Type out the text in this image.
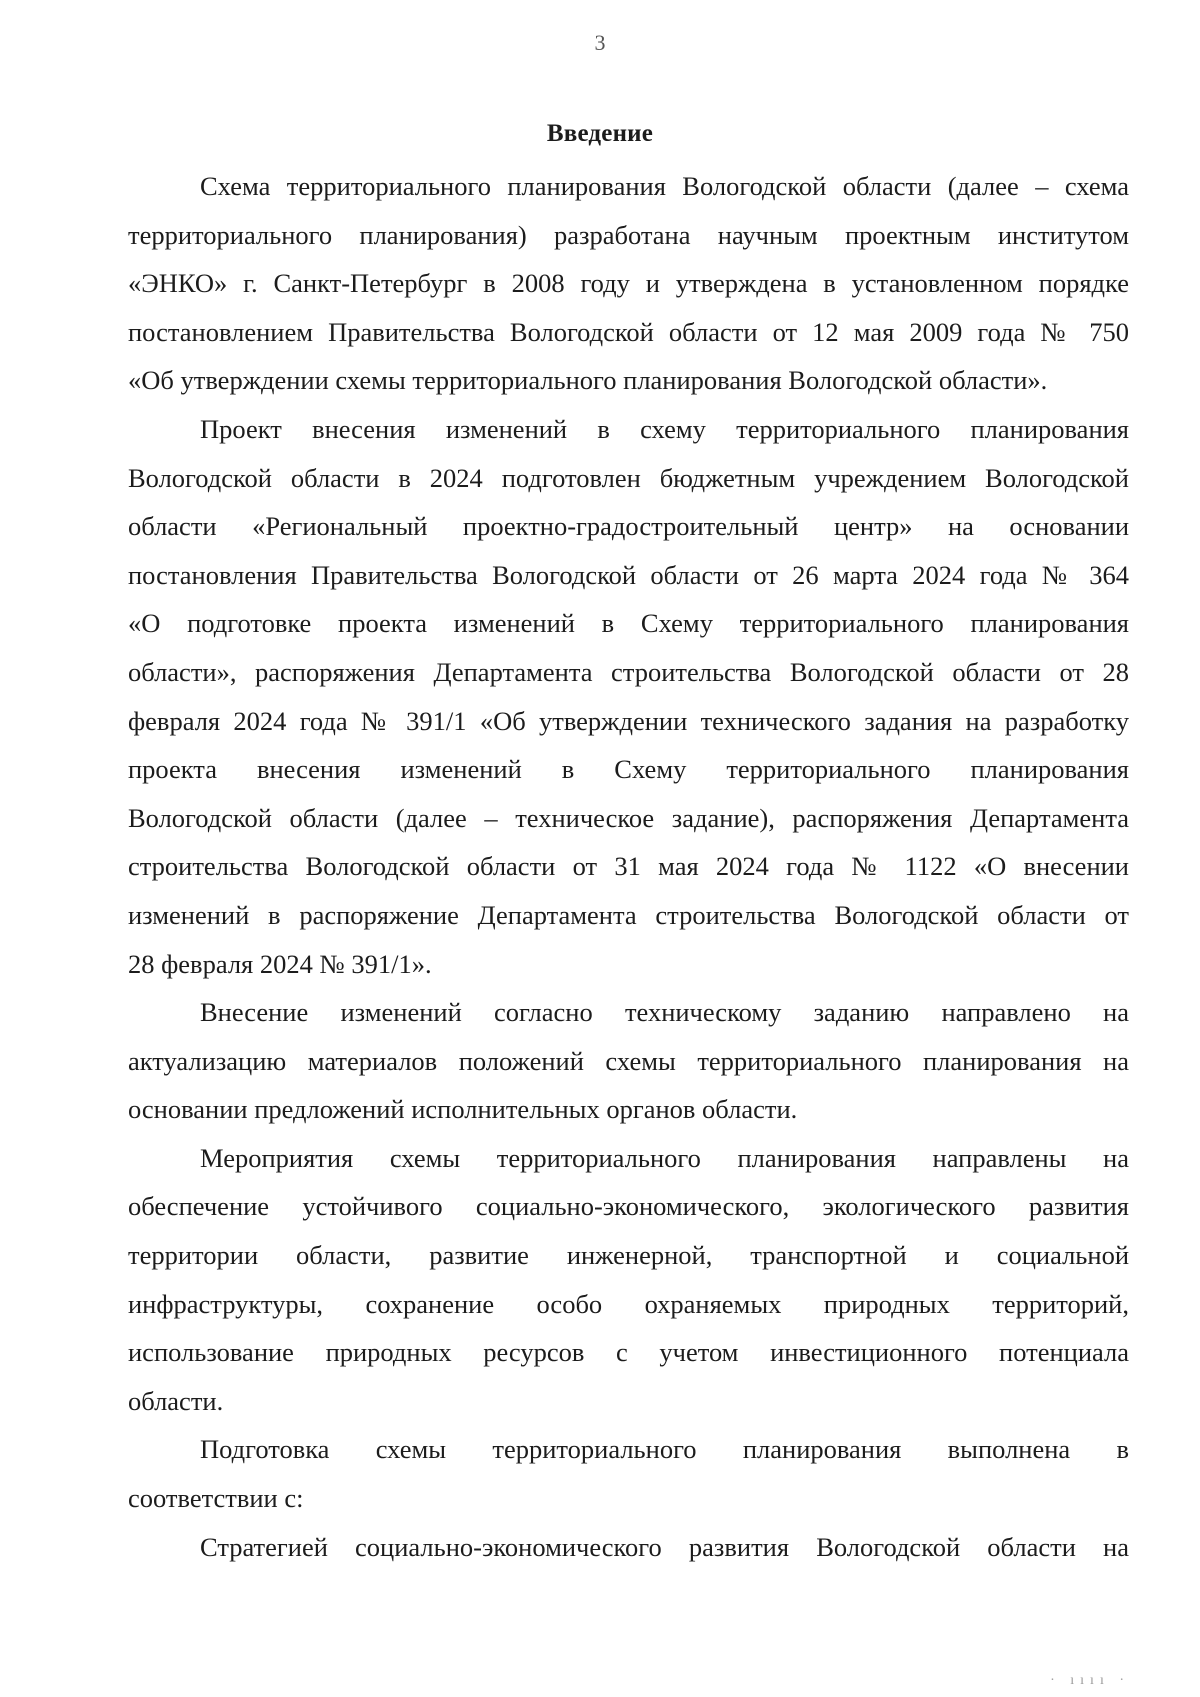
3
Введение
Схема территориального планирования Вологодской области (далее – схема
территориального планирования) разработана научным проектным институтом
«ЭНКО» г. Санкт-Петербург в 2008 году и утверждена в установленном порядке
постановлением Правительства Вологодской области от 12 мая 2009 года № 750
«Об утверждении схемы территориального планирования Вологодской области».
Проект внесения изменений в схему территориального планирования
Вологодской области в 2024 подготовлен бюджетным учреждением Вологодской
области «Региональный проектно-градостроительный центр» на основании
постановления Правительства Вологодской области от 26 марта 2024 года № 364
«О подготовке проекта изменений в Схему территориального планирования
области», распоряжения Департамента строительства Вологодской области от 28
февраля 2024 года № 391/1 «Об утверждении технического задания на разработку
проекта внесения изменений в Схему территориального планирования
Вологодской области (далее – техническое задание), распоряжения Департамента
строительства Вологодской области от 31 мая 2024 года № 1122 «О внесении
изменений в распоряжение Департамента строительства Вологодской области от
28 февраля 2024 № 391/1».
Внесение изменений согласно техническому заданию направлено на
актуализацию материалов положений схемы территориального планирования на
основании предложений исполнительных органов области.
Мероприятия схемы территориального планирования направлены на
обеспечение устойчивого социально-экономического, экологического развития
территории области, развитие инженерной, транспортной и социальной
инфраструктуры, сохранение особо охраняемых природных территорий,
использование природных ресурсов с учетом инвестиционного потенциала
области.
Подготовка схемы территориального планирования выполнена в
соответствии с:
Стратегией социально-экономического развития Вологодской области на
· ıııı ·
